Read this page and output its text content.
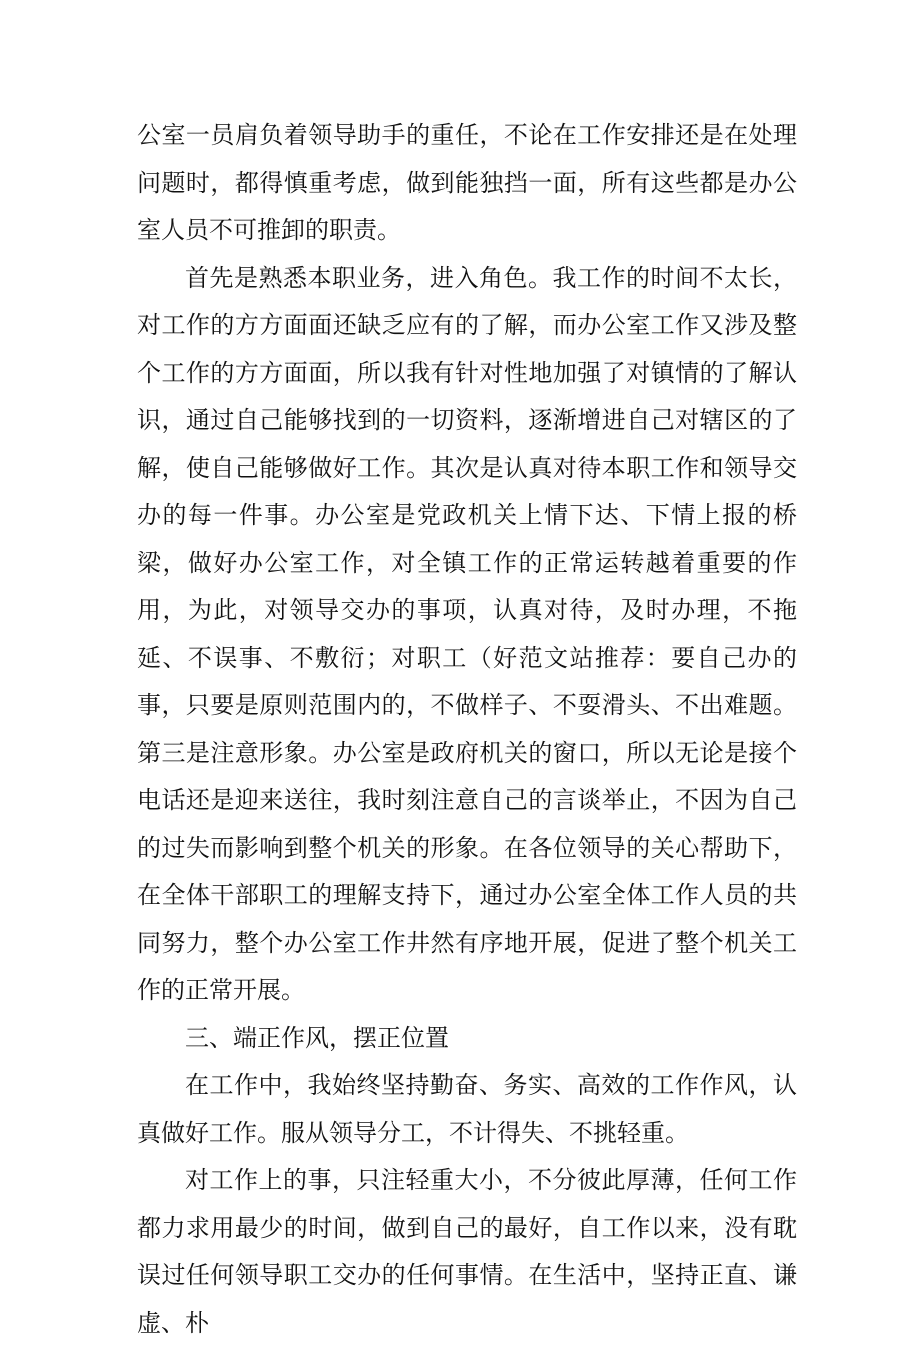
公室一员肩负着领导助手的重任，不论在工作安排还是在处理问题时，都得慎重考虑，做到能独挡一面，所有这些都是办公室人员不可推卸的职责。

首先是熟悉本职业务，进入角色。我工作的时间不太长，对工作的方方面面还缺乏应有的了解，而办公室工作又涉及整个工作的方方面面，所以我有针对性地加强了对镇情的了解认识，通过自己能够找到的一切资料，逐渐增进自己对辖区的了解，使自己能够做好工作。其次是认真对待本职工作和领导交办的每一件事。办公室是党政机关上情下达、下情上报的桥梁，做好办公室工作，对全镇工作的正常运转越着重要的作用，为此，对领导交办的事项，认真对待，及时办理，不拖延、不误事、不敷衍；对职工（好范文站推荐：要自己办的事，只要是原则范围内的，不做样子、不耍滑头、不出难题。第三是注意形象。办公室是政府机关的窗口，所以无论是接个电话还是迎来送往，我时刻注意自己的言谈举止，不因为自己的过失而影响到整个机关的形象。在各位领导的关心帮助下，在全体干部职工的理解支持下，通过办公室全体工作人员的共同努力，整个办公室工作井然有序地开展，促进了整个机关工作的正常开展。

三、端正作风，摆正位置

在工作中，我始终坚持勤奋、务实、高效的工作作风，认真做好工作。服从领导分工，不计得失、不挑轻重。

对工作上的事，只注轻重大小，不分彼此厚薄，任何工作都力求用最少的时间，做到自己的最好，自工作以来，没有耽误过任何领导职工交办的任何事情。在生活中，坚持正直、谦虚、朴
